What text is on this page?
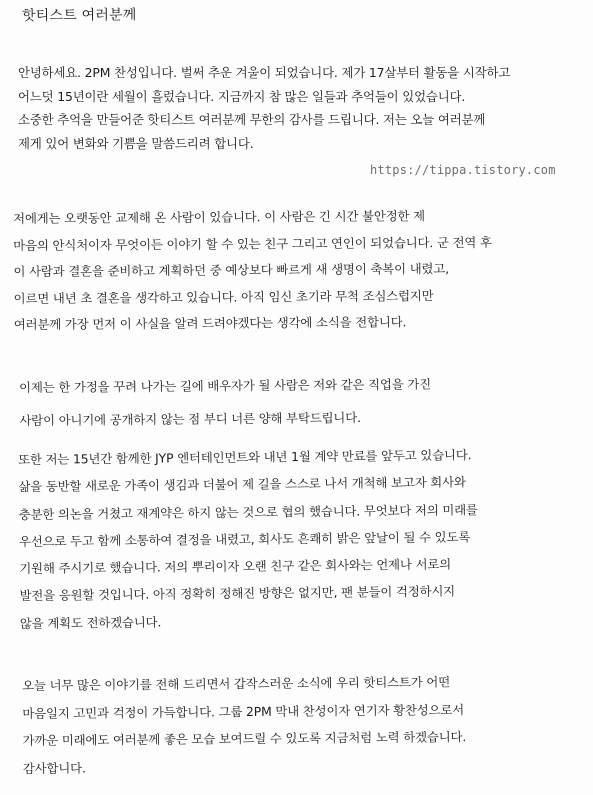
핫티스트 여러분께
안녕하세요. 2PM 찬성입니다. 벌써 추운 겨울이 되었습니다. 제가 17살부터 활동을 시작하고
어느덧 15년이란 세월이 흘렀습니다. 지금까지 참 많은 일들과 추억들이 있었습니다.
소중한 추억을 만들어준 핫티스트 여러분께 무한의 감사를 드립니다. 저는 오늘 여러분께
제게 있어 변화와 기쁨을 말씀드리려 합니다.
https://tippa.tistory.com
저에게는 오랫동안 교제해 온 사람이 있습니다. 이 사람은 긴 시간 불안정한 제
마음의 안식처이자 무엇이든 이야기 할 수 있는 친구 그리고 연인이 되었습니다. 군 전역 후
이 사람과 결혼을 준비하고 계획하던 중 예상보다 빠르게 새 생명이 축복이 내렸고,
이르면 내년 초 결혼을 생각하고 있습니다. 아직 임신 초기라 무척 조심스럽지만
여러분께 가장 먼저 이 사실을 알려 드려야겠다는 생각에 소식을 전합니다.
이제는 한 가정을 꾸려 나가는 길에 배우자가 될 사람은 저와 같은 직업을 가진
사람이 아니기에 공개하지 않는 점 부디 너른 양해 부탁드립니다.
또한 저는 15년간 함께한 JYP 엔터테인먼트와 내년 1월 계약 만료를 앞두고 있습니다.
삶을 동반할 새로운 가족이 생김과 더불어 제 길을 스스로 나서 개척해 보고자 회사와
충분한 의논을 거쳤고 재계약은 하지 않는 것으로 협의 했습니다. 무엇보다 저의 미래를
우선으로 두고 함께 소통하여 결정을 내렸고, 회사도 흔쾌히 밝은 앞날이 될 수 있도록
기원해 주시기로 했습니다. 저의 뿌리이자 오랜 친구 같은 회사와는 언제나 서로의
발전을 응원할 것입니다. 아직 정확히 정해진 방향은 없지만, 팬 분들이 걱정하시지
않을 계획도 전하겠습니다.
오늘 너무 많은 이야기를 전해 드리면서 갑작스러운 소식에 우리 핫티스트가 어떤
마음일지 고민과 걱정이 가득합니다. 그룹 2PM 막내 찬성이자 연기자 황찬성으로서
가까운 미래에도 여러분께 좋은 모습 보여드릴 수 있도록 지금처럼 노력 하겠습니다.
감사합니다.
